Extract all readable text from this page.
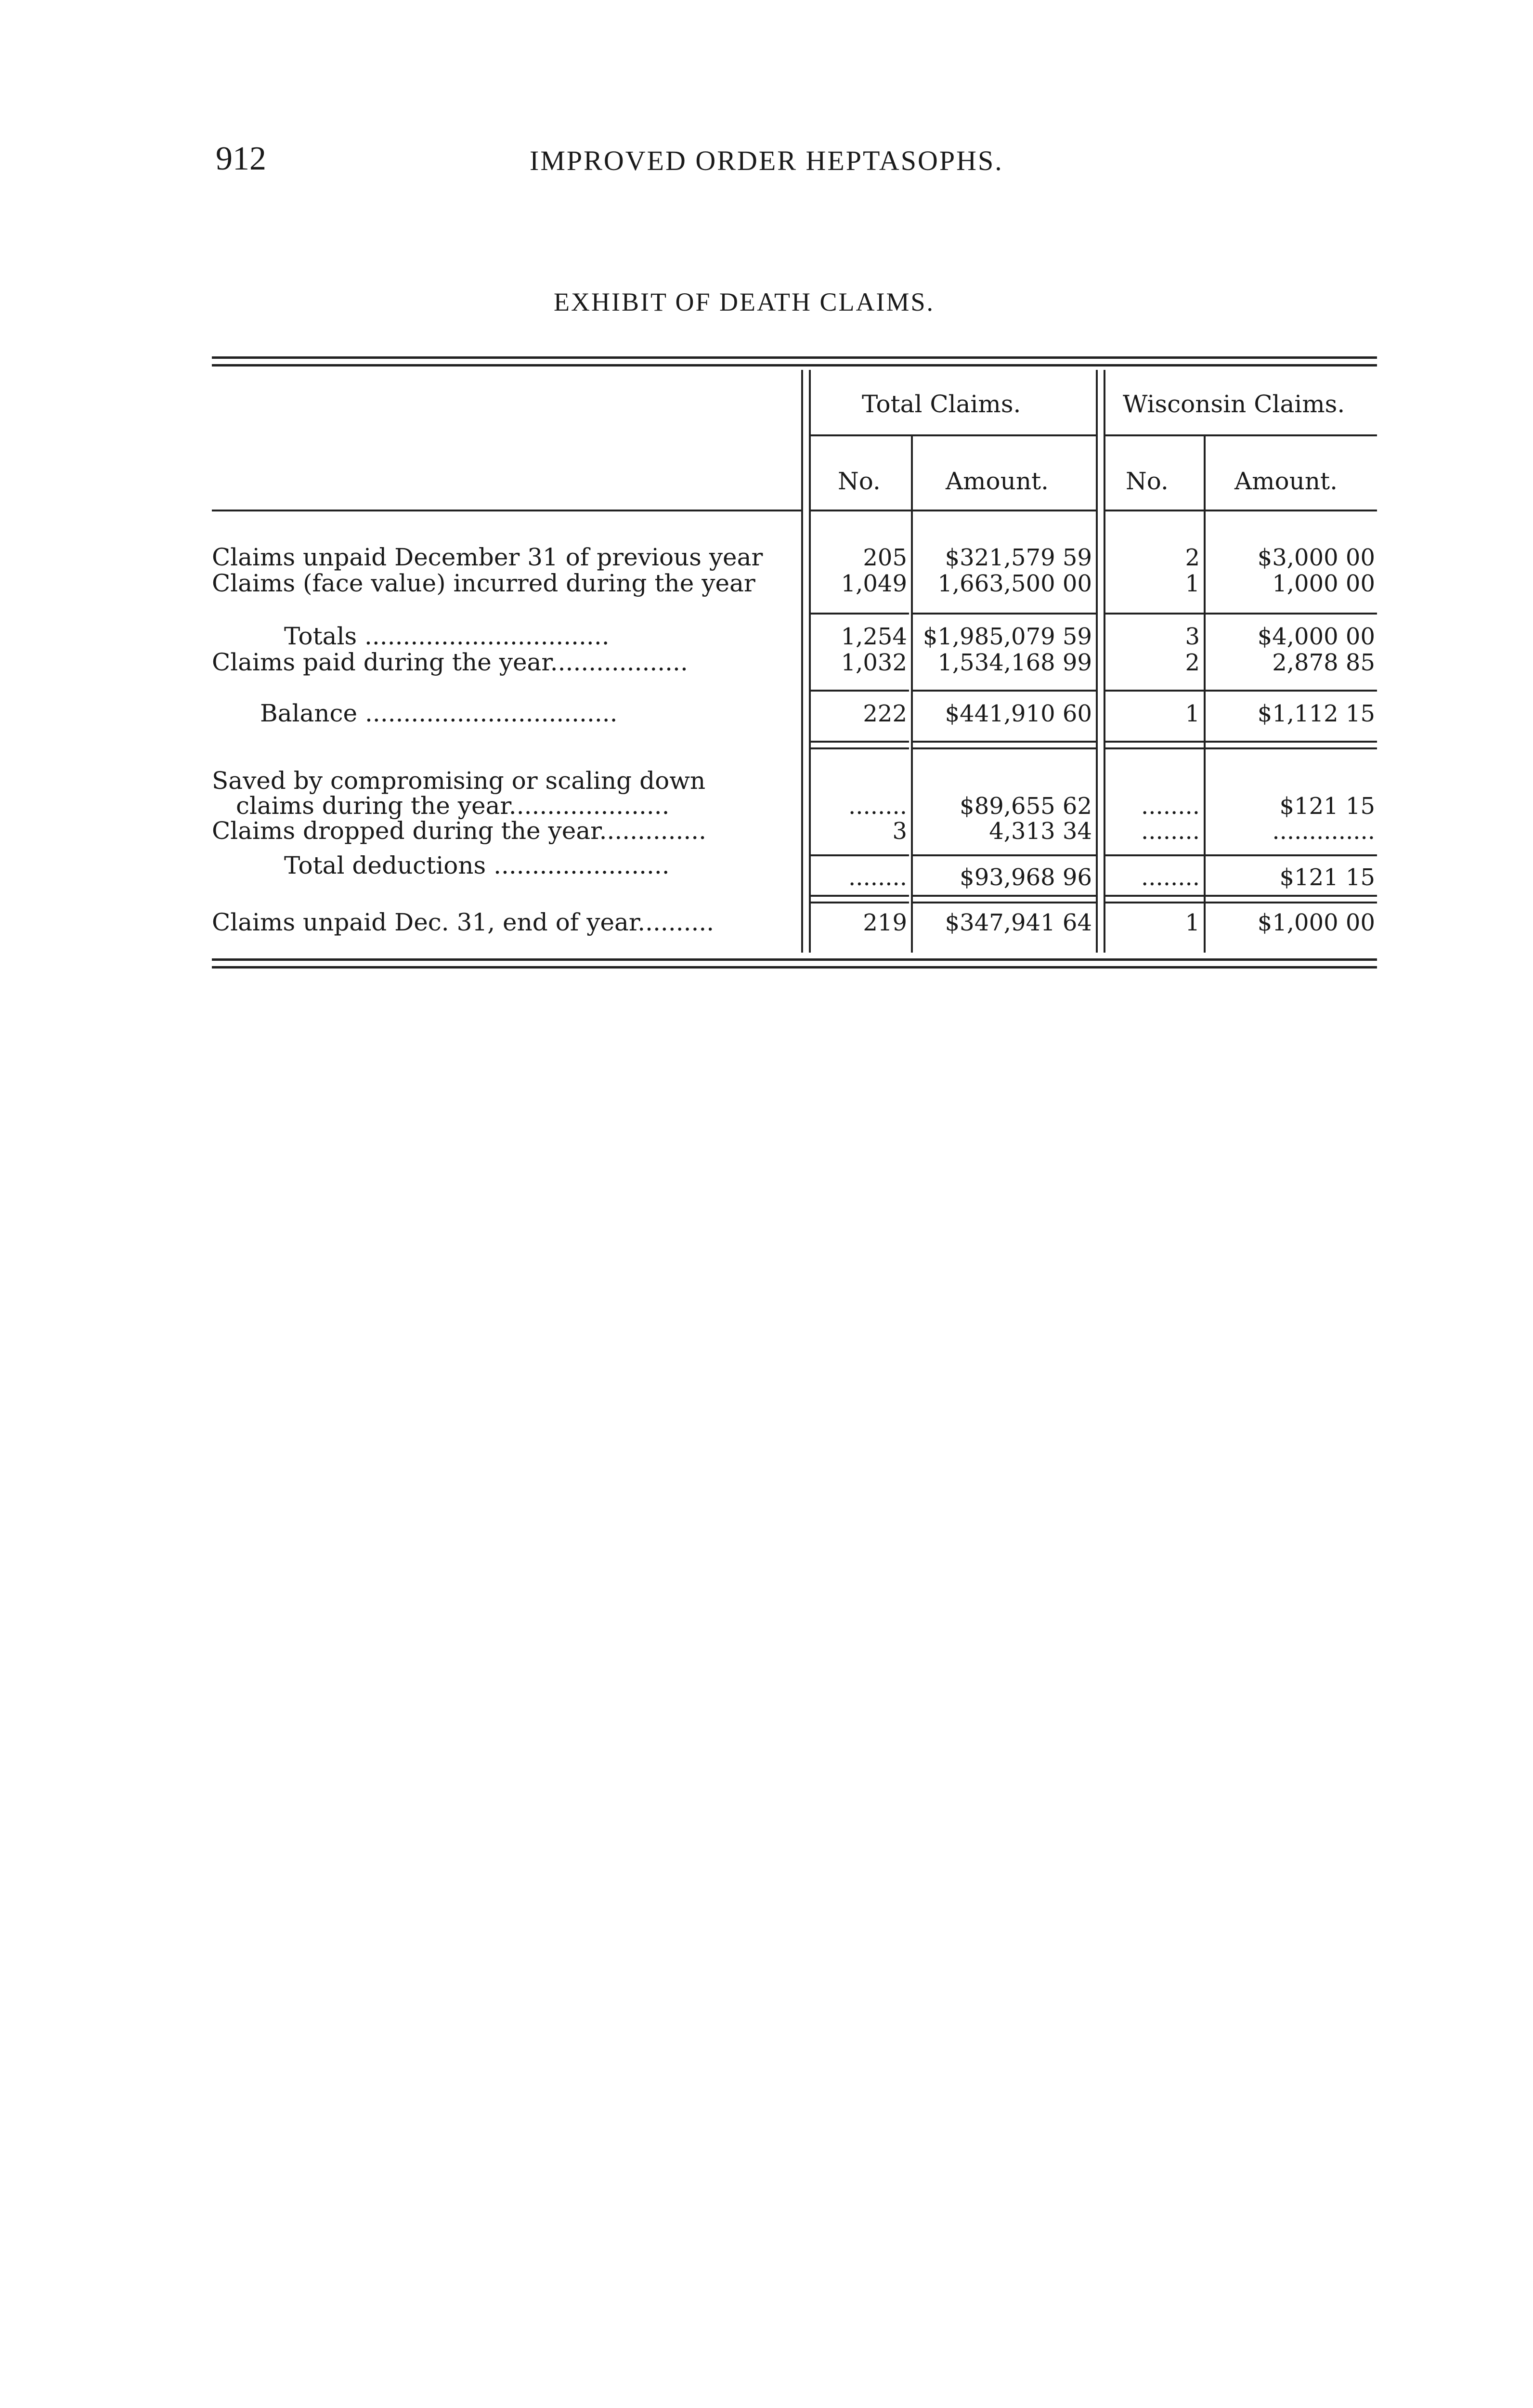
912	IMPROVED ORDER HEPTASOPHS.
EXHIBIT OF DEATH CLAIMS.
Total Claims.	Wisconsin Claims.
No.	Amount.	No.	Amount.
Claims unpaid December 31 of previous year	205	$321,579 59	2	$3,000 00
Claims (face value) incurred during the year	1,049	1,663,500 00	1	1,000 00
Totals ................................	1,254 $1,985,079 59	3	$4,000 00
Claims paid during the year..................	1,032	1,534,168 99	2	2,878 85
Balance .................................	222	$441,910 60	1	$1,112 15
Saved by compromising or scaling down
claims during the year.....................	........	$89,655 62	........	$121 15
Claims dropped during the year..............	3	4,313 34	........	..............
Total deductions .......................	........	$93,968 96	........	$121 15
Claims unpaid Dec. 31, end of year..........	219	$347,941 64	1	$1,000 00
